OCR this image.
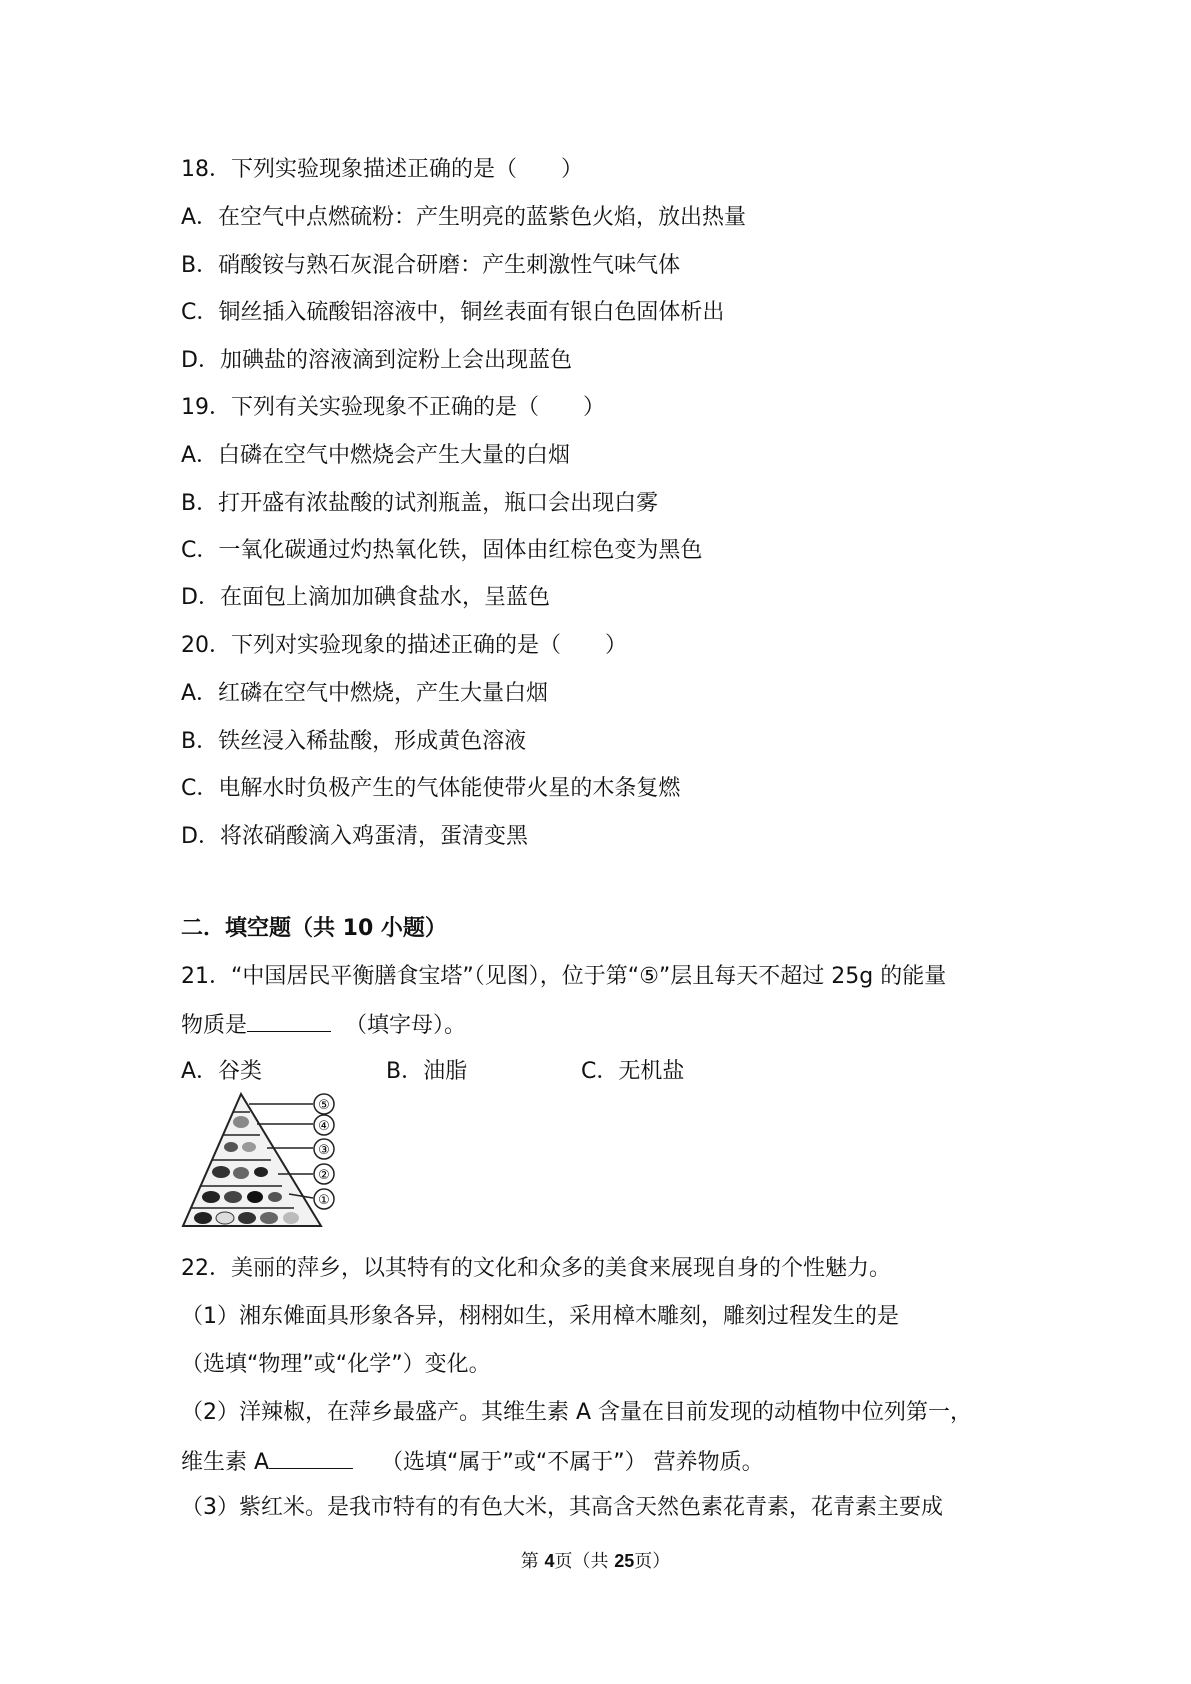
18．下列实验现象描述正确的是（　　）
A．在空气中点燃硫粉：产生明亮的蓝紫色火焰，放出热量
B．硝酸铵与熟石灰混合研磨：产生刺激性气味气体
C．铜丝插入硫酸铝溶液中，铜丝表面有银白色固体析出
D．加碘盐的溶液滴到淀粉上会出现蓝色
19．下列有关实验现象不正确的是（　　）
A．白磷在空气中燃烧会产生大量的白烟
B．打开盛有浓盐酸的试剂瓶盖，瓶口会出现白雾
C．一氧化碳通过灼热氧化铁，固体由红棕色变为黑色
D．在面包上滴加加碘食盐水，呈蓝色
20．下列对实验现象的描述正确的是（　　）
A．红磷在空气中燃烧，产生大量白烟
B．铁丝浸入稀盐酸，形成黄色溶液
C．电解水时负极产生的气体能使带火星的木条复燃
D．将浓硝酸滴入鸡蛋清，蛋清变黑
二．填空题（共 10 小题）
21．“中国居民平衡膳食宝塔”（见图），位于第“⑤”层且每天不超过 25g 的能量
物质是	（填字母）。
A．谷类	B．油脂	C．无机盐
⑤
④
③
②
①
22．美丽的萍乡，以其特有的文化和众多的美食来展现自身的个性魅力。
（1）湘东傩面具形象各异，栩栩如生，采用樟木雕刻，雕刻过程发生的是
（选填“物理”或“化学”）变化。
（2）洋辣椒，在萍乡最盛产。其维生素 A 含量在目前发现的动植物中位列第一，
维生素 A	（选填“属于”或“不属于”） 营养物质。
（3）紫红米。是我市特有的有色大米，其高含天然色素花青素，花青素主要成
第 4页（共 25页）
